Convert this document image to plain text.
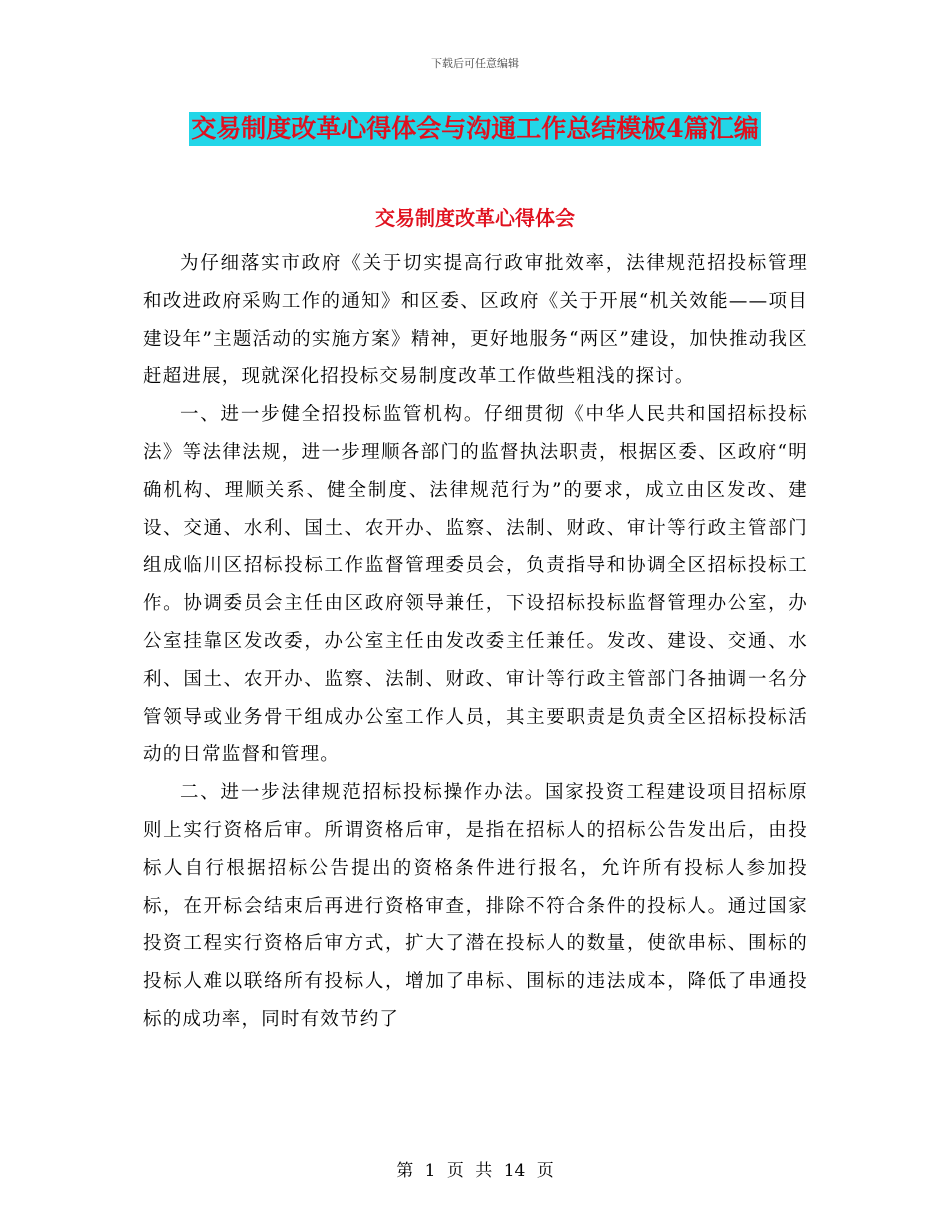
下载后可任意编辑
交易制度改革心得体会与沟通工作总结模板4篇汇编
交易制度改革心得体会

为仔细落实市政府《关于切实提高行政审批效率，法律规范招投标管理和改进政府采购工作的通知》和区委、区政府《关于开展“机关效能——项目建设年”主题活动的实施方案》精神，更好地服务“两区”建设，加快推动我区赶超进展，现就深化招投标交易制度改革工作做些粗浅的探讨。

一、进一步健全招投标监管机构。仔细贯彻《中华人民共和国招标投标法》等法律法规，进一步理顺各部门的监督执法职责，根据区委、区政府“明确机构、理顺关系、健全制度、法律规范行为”的要求，成立由区发改、建设、交通、水利、国土、农开办、监察、法制、财政、审计等行政主管部门组成临川区招标投标工作监督管理委员会，负责指导和协调全区招标投标工作。协调委员会主任由区政府领导兼任，下设招标投标监督管理办公室，办公室挂靠区发改委，办公室主任由发改委主任兼任。发改、建设、交通、水利、国土、农开办、监察、法制、财政、审计等行政主管部门各抽调一名分管领导或业务骨干组成办公室工作人员，其主要职责是负责全区招标投标活动的日常监督和管理。

二、进一步法律规范招标投标操作办法。国家投资工程建设项目招标原则上实行资格后审。所谓资格后审，是指在招标人的招标公告发出后，由投标人自行根据招标公告提出的资格条件进行报名，允许所有投标人参加投标，在开标会结束后再进行资格审查，排除不符合条件的投标人。通过国家投资工程实行资格后审方式，扩大了潜在投标人的数量，使欲串标、围标的投标人难以联络所有投标人，增加了串标、围标的违法成本，降低了串通投标的成功率，同时有效节约了

第 1 页 共 14 页
